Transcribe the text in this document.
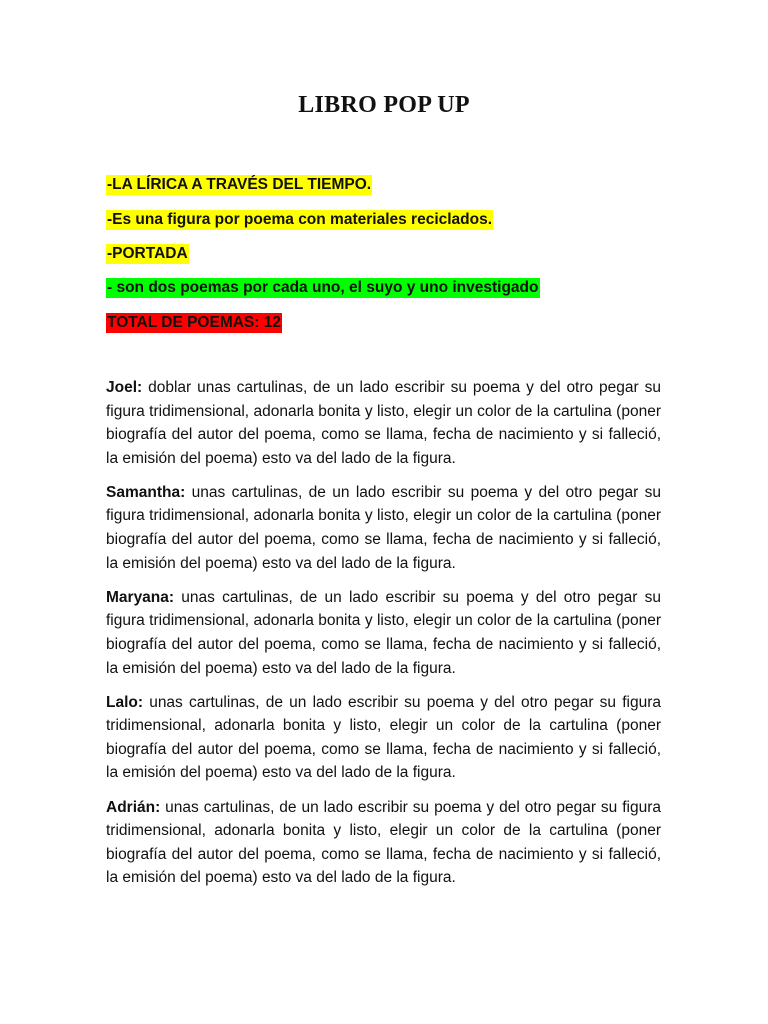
LIBRO POP UP
-LA LÍRICA A TRAVÉS DEL TIEMPO.
-Es una figura por poema con materiales reciclados.
-PORTADA
- son dos poemas por cada uno, el suyo y uno investigado
TOTAL DE POEMAS: 12

Joel: doblar unas cartulinas, de un lado escribir su poema y del otro pegar su figura tridimensional, adonarla bonita y listo, elegir un color de la cartulina (poner biografía del autor del poema, como se llama, fecha de nacimiento y si falleció, la emisión del poema) esto va del lado de la figura.

Samantha: unas cartulinas, de un lado escribir su poema y del otro pegar su figura tridimensional, adonarla bonita y listo, elegir un color de la cartulina (poner biografía del autor del poema, como se llama, fecha de nacimiento y si falleció, la emisión del poema) esto va del lado de la figura.

Maryana: unas cartulinas, de un lado escribir su poema y del otro pegar su figura tridimensional, adonarla bonita y listo, elegir un color de la cartulina (poner biografía del autor del poema, como se llama, fecha de nacimiento y si falleció, la emisión del poema) esto va del lado de la figura.

Lalo: unas cartulinas, de un lado escribir su poema y del otro pegar su figura tridimensional, adonarla bonita y listo, elegir un color de la cartulina (poner biografía del autor del poema, como se llama, fecha de nacimiento y si falleció, la emisión del poema) esto va del lado de la figura.

Adrián: unas cartulinas, de un lado escribir su poema y del otro pegar su figura tridimensional, adonarla bonita y listo, elegir un color de la cartulina (poner biografía del autor del poema, como se llama, fecha de nacimiento y si falleció, la emisión del poema) esto va del lado de la figura.
